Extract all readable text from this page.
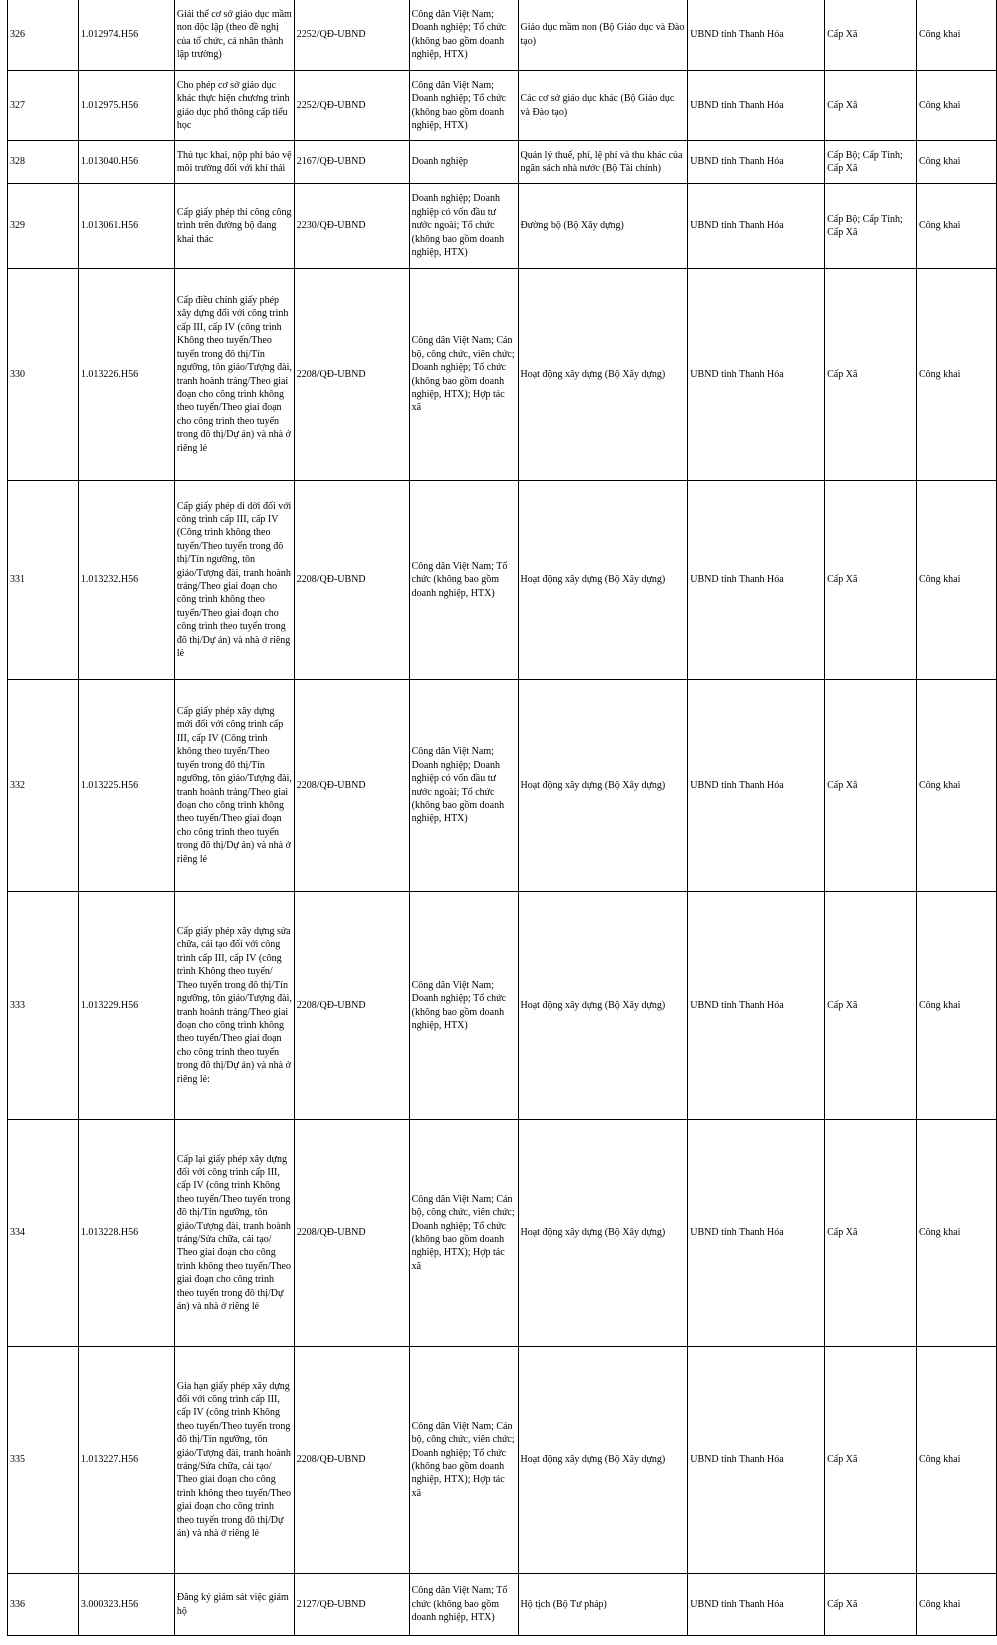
326	1.012974.H56	Giải thể cơ sở giáo dục mầm non độc lập (theo đề nghị của tổ chức, cá nhân thành lập trường)	2252/QĐ-UBND	Công dân Việt Nam; Doanh nghiệp; Tổ chức (không bao gồm doanh nghiệp, HTX)	Giáo dục mầm non (Bộ Giáo dục và Đào tạo)	UBND tỉnh Thanh Hóa	Cấp Xã	Công khai
327	1.012975.H56	Cho phép cơ sở giáo dục khác thực hiện chương trình giáo dục phổ thông cấp tiểu học	2252/QĐ-UBND	Công dân Việt Nam; Doanh nghiệp; Tổ chức (không bao gồm doanh nghiệp, HTX)	Các cơ sở giáo dục khác (Bộ Giáo dục và Đào tạo)	UBND tỉnh Thanh Hóa	Cấp Xã	Công khai
328	1.013040.H56	Thủ tục khai, nộp phí bảo vệ môi trường đối với khí thải	2167/QĐ-UBND	Doanh nghiệp	Quản lý thuế, phí, lệ phí và thu khác của ngân sách nhà nước (Bộ Tài chính)	UBND tỉnh Thanh Hóa	Cấp Bộ; Cấp Tỉnh; Cấp Xã	Công khai
329	1.013061.H56	Cấp giấy phép thi công công trình trên đường bộ đang khai thác	2230/QĐ-UBND	Doanh nghiệp; Doanh nghiệp có vốn đầu tư nước ngoài; Tổ chức (không bao gồm doanh nghiệp, HTX)	Đường bộ (Bộ Xây dựng)	UBND tỉnh Thanh Hóa	Cấp Bộ; Cấp Tỉnh; Cấp Xã	Công khai
330	1.013226.H56	Cấp điều chỉnh giấy phép xây dựng đối với công trình cấp III, cấp IV (công trình Không theo tuyến/Theo tuyến trong đô thị/Tín ngưỡng, tôn giáo/Tượng đài, tranh hoành tráng/Theo giai đoạn cho công trình không theo tuyến/Theo giai đoạn cho công trình theo tuyến trong đô thị/Dự án) và nhà ở riêng lẻ	2208/QĐ-UBND	Công dân Việt Nam; Cán bộ, công chức, viên chức; Doanh nghiệp; Tổ chức (không bao gồm doanh nghiệp, HTX); Hợp tác xã	Hoạt động xây dựng (Bộ Xây dựng)	UBND tỉnh Thanh Hóa	Cấp Xã	Công khai
331	1.013232.H56	Cấp giấy phép di dời đối với công trình cấp III, cấp IV (Công trình không theo tuyến/Theo tuyến trong đô thị/Tín ngưỡng, tôn giáo/Tượng đài, tranh hoành tráng/Theo giai đoạn cho công trình không theo tuyến/Theo giai đoạn cho công trình theo tuyến trong đô thị/Dự án) và nhà ở riêng lẻ	2208/QĐ-UBND	Công dân Việt Nam; Tổ chức (không bao gồm doanh nghiệp, HTX)	Hoạt động xây dựng (Bộ Xây dựng)	UBND tỉnh Thanh Hóa	Cấp Xã	Công khai
332	1.013225.H56	Cấp giấy phép xây dựng mới đối với công trình cấp III, cấp IV (Công trình không theo tuyến/Theo tuyến trong đô thị/Tín ngưỡng, tôn giáo/Tượng đài, tranh hoành tráng/Theo giai đoạn cho công trình không theo tuyến/Theo giai đoạn cho công trình theo tuyến trong đô thị/Dự án) và nhà ở riêng lẻ	2208/QĐ-UBND	Công dân Việt Nam; Doanh nghiệp; Doanh nghiệp có vốn đầu tư nước ngoài; Tổ chức (không bao gồm doanh nghiệp, HTX)	Hoạt động xây dựng (Bộ Xây dựng)	UBND tỉnh Thanh Hóa	Cấp Xã	Công khai
333	1.013229.H56	Cấp giấy phép xây dựng sửa chữa, cải tạo đối với công trình cấp III, cấp IV (công trình Không theo tuyến/ Theo tuyến trong đô thị/Tín ngưỡng, tôn giáo/Tượng đài, tranh hoành tráng/Theo giai đoạn cho công trình không theo tuyến/Theo giai đoạn cho công trình theo tuyến trong đô thị/Dự án) và nhà ở riêng lẻ:	2208/QĐ-UBND	Công dân Việt Nam; Doanh nghiệp; Tổ chức (không bao gồm doanh nghiệp, HTX)	Hoạt động xây dựng (Bộ Xây dựng)	UBND tỉnh Thanh Hóa	Cấp Xã	Công khai
334	1.013228.H56	Cấp lại giấy phép xây dựng đối với công trình cấp III, cấp IV (công trình Không theo tuyến/Theo tuyến trong đô thị/Tín ngưỡng, tôn giáo/Tượng đài, tranh hoành tráng/Sửa chữa, cải tạo/ Theo giai đoạn cho công trình không theo tuyến/Theo giai đoạn cho công trình theo tuyến trong đô thị/Dự án) và nhà ở riêng lẻ	2208/QĐ-UBND	Công dân Việt Nam; Cán bộ, công chức, viên chức; Doanh nghiệp; Tổ chức (không bao gồm doanh nghiệp, HTX); Hợp tác xã	Hoạt động xây dựng (Bộ Xây dựng)	UBND tỉnh Thanh Hóa	Cấp Xã	Công khai
335	1.013227.H56	Gia hạn giấy phép xây dựng đối với công trình cấp III, cấp IV (công trình Không theo tuyến/Theo tuyến trong đô thị/Tín ngưỡng, tôn giáo/Tượng đài, tranh hoành tráng/Sửa chữa, cải tạo/ Theo giai đoạn cho công trình không theo tuyến/Theo giai đoạn cho công trình theo tuyến trong đô thị/Dự án) và nhà ở riêng lẻ	2208/QĐ-UBND	Công dân Việt Nam; Cán bộ, công chức, viên chức; Doanh nghiệp; Tổ chức (không bao gồm doanh nghiệp, HTX); Hợp tác xã	Hoạt động xây dựng (Bộ Xây dựng)	UBND tỉnh Thanh Hóa	Cấp Xã	Công khai
336	3.000323.H56	Đăng ký giám sát việc giám hộ	2127/QĐ-UBND	Công dân Việt Nam; Tổ chức (không bao gồm doanh nghiệp, HTX)	Hộ tịch (Bộ Tư pháp)	UBND tỉnh Thanh Hóa	Cấp Xã	Công khai
